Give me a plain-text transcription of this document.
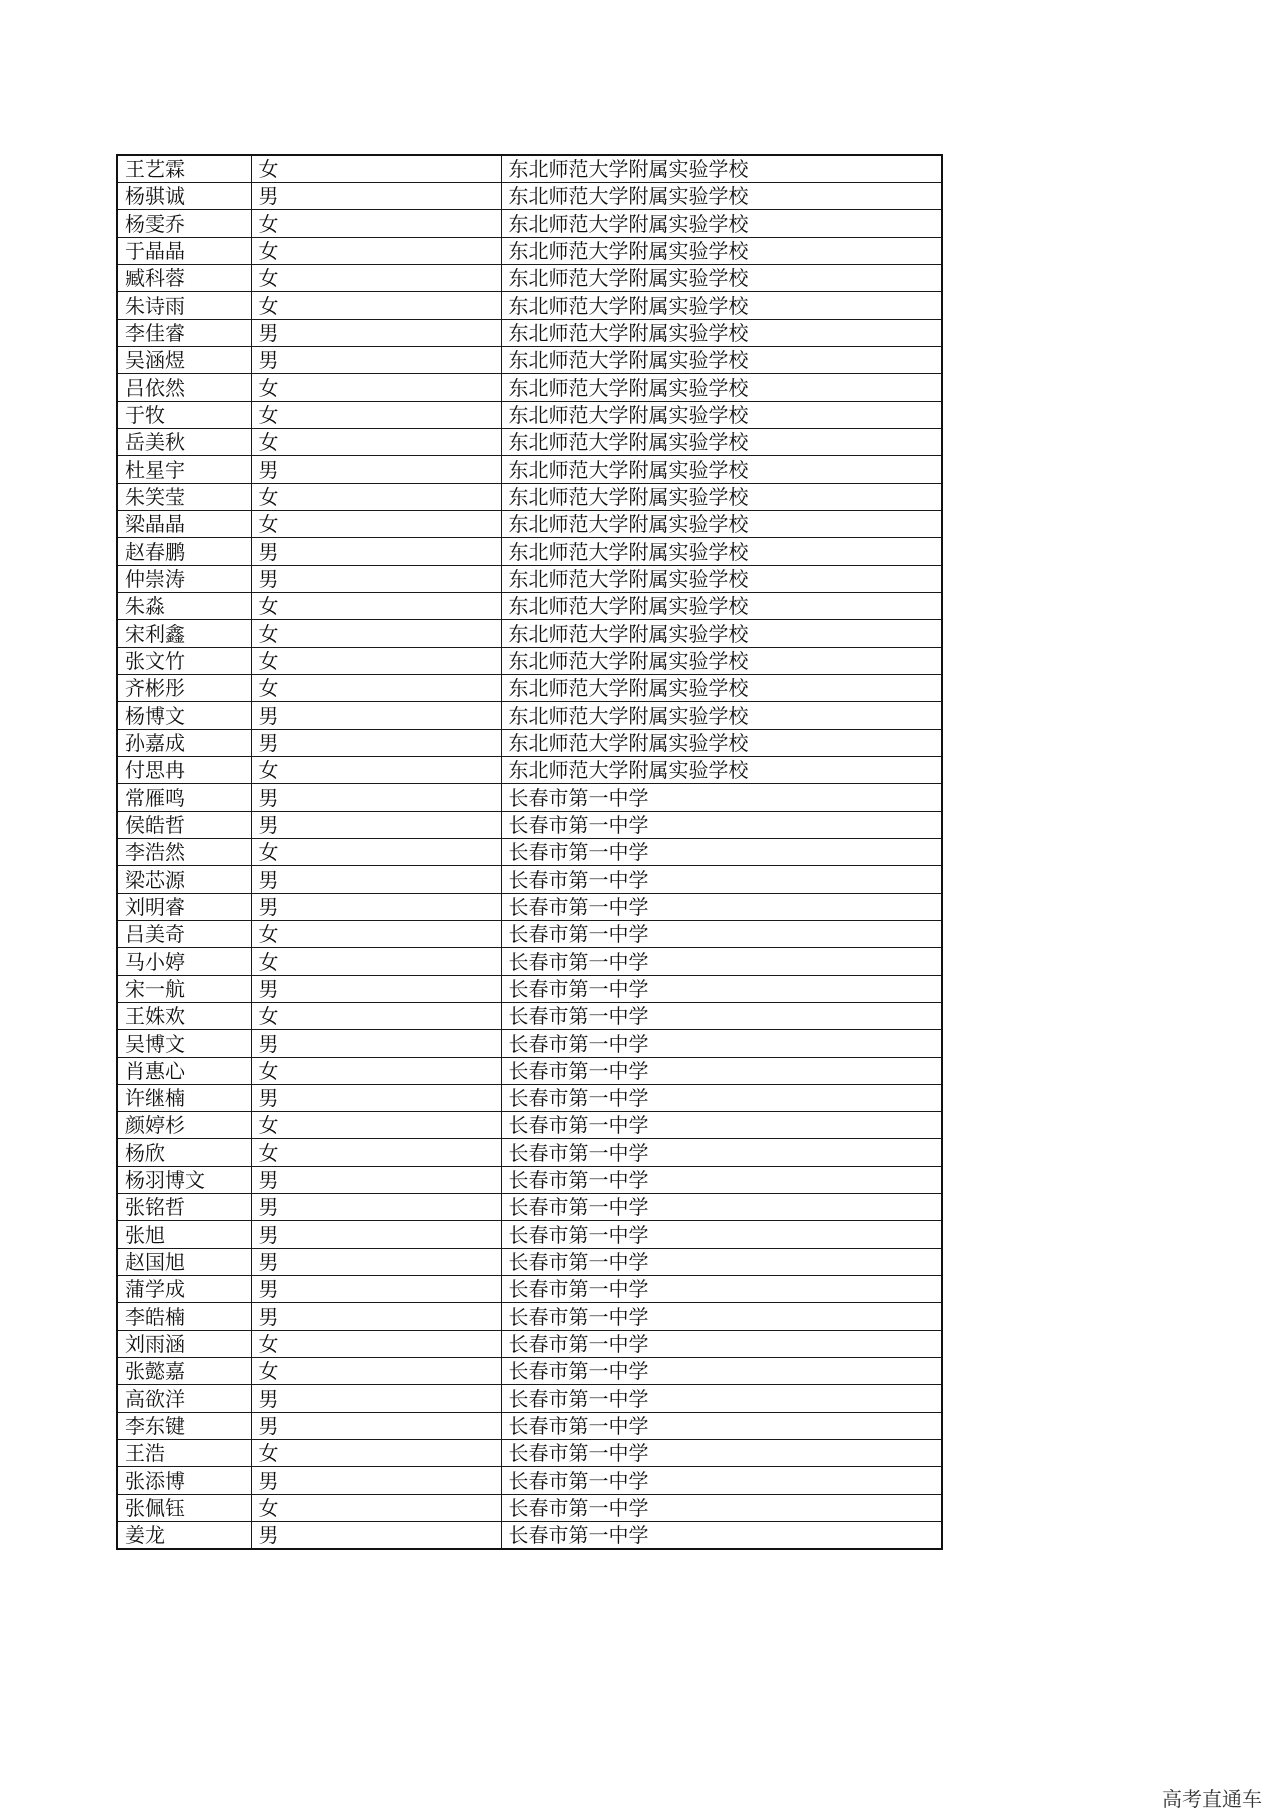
王艺霖	女	东北师范大学附属实验学校
杨骐诚	男	东北师范大学附属实验学校
杨雯乔	女	东北师范大学附属实验学校
于晶晶	女	东北师范大学附属实验学校
臧科蓉	女	东北师范大学附属实验学校
朱诗雨	女	东北师范大学附属实验学校
李佳睿	男	东北师范大学附属实验学校
吴涵煜	男	东北师范大学附属实验学校
吕依然	女	东北师范大学附属实验学校
于牧	女	东北师范大学附属实验学校
岳美秋	女	东北师范大学附属实验学校
杜星宇	男	东北师范大学附属实验学校
朱笑莹	女	东北师范大学附属实验学校
梁晶晶	女	东北师范大学附属实验学校
赵春鹏	男	东北师范大学附属实验学校
仲崇涛	男	东北师范大学附属实验学校
朱淼	女	东北师范大学附属实验学校
宋利鑫	女	东北师范大学附属实验学校
张文竹	女	东北师范大学附属实验学校
齐彬彤	女	东北师范大学附属实验学校
杨博文	男	东北师范大学附属实验学校
孙嘉成	男	东北师范大学附属实验学校
付思冉	女	东北师范大学附属实验学校
常雁鸣	男	长春市第一中学
侯皓哲	男	长春市第一中学
李浩然	女	长春市第一中学
梁芯源	男	长春市第一中学
刘明睿	男	长春市第一中学
吕美奇	女	长春市第一中学
马小婷	女	长春市第一中学
宋一航	男	长春市第一中学
王姝欢	女	长春市第一中学
吴博文	男	长春市第一中学
肖惠心	女	长春市第一中学
许继楠	男	长春市第一中学
颜婷杉	女	长春市第一中学
杨欣	女	长春市第一中学
杨羽博文	男	长春市第一中学
张铭哲	男	长春市第一中学
张旭	男	长春市第一中学
赵国旭	男	长春市第一中学
蒲学成	男	长春市第一中学
李皓楠	男	长春市第一中学
刘雨涵	女	长春市第一中学
张懿嘉	女	长春市第一中学
高欲洋	男	长春市第一中学
李东键	男	长春市第一中学
王浩	女	长春市第一中学
张添博	男	长春市第一中学
张佩钰	女	长春市第一中学
姜龙	男	长春市第一中学
高考直通车
